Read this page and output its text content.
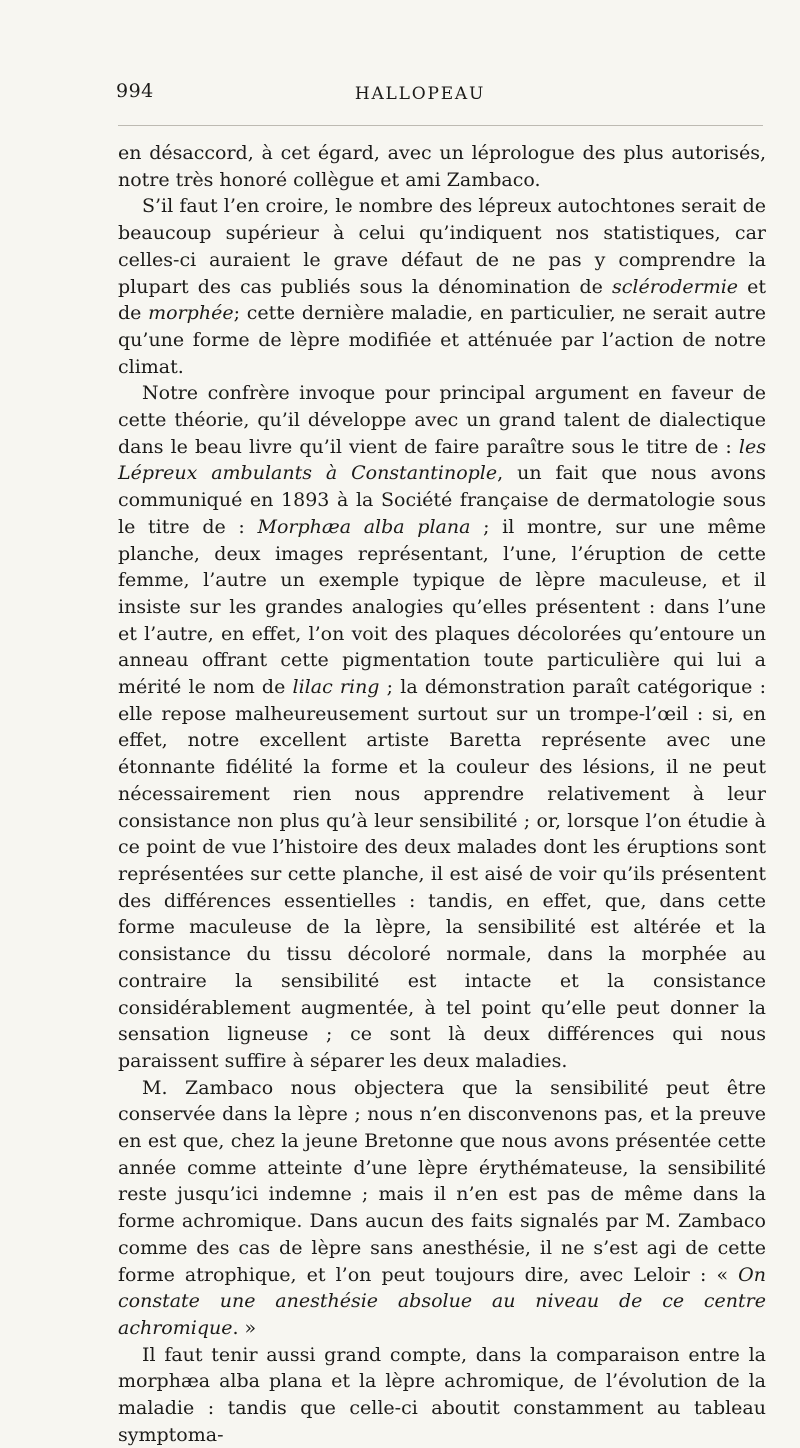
994	HALLOPEAU

en désaccord, à cet égard, avec un léprologue des plus autorisés, notre très honoré collègue et ami Zambaco.

S’il faut l’en croire, le nombre des lépreux autochtones serait de beaucoup supérieur à celui qu’indiquent nos statistiques, car celles-ci auraient le grave défaut de ne pas y comprendre la plupart des cas publiés sous la dénomination de sclérodermie et de morphée; cette dernière maladie, en particulier, ne serait autre qu’une forme de lèpre modifiée et atténuée par l’action de notre climat.

Notre confrère invoque pour principal argument en faveur de cette théorie, qu’il développe avec un grand talent de dialectique dans le beau livre qu’il vient de faire paraître sous le titre de : les Lépreux ambulants à Constantinople, un fait que nous avons communiqué en 1893 à la Société française de dermatologie sous le titre de : Morphæa alba plana ; il montre, sur une même planche, deux images représentant, l’une, l’éruption de cette femme, l’autre un exemple typique de lèpre maculeuse, et il insiste sur les grandes analogies qu’elles présentent : dans l’une et l’autre, en effet, l’on voit des plaques décolorées qu’entoure un anneau offrant cette pigmentation toute particulière qui lui a mérité le nom de lilac ring ; la démonstration paraît catégorique : elle repose malheureusement surtout sur un trompe-l’œil : si, en effet, notre excellent artiste Baretta représente avec une étonnante fidélité la forme et la couleur des lésions, il ne peut nécessairement rien nous apprendre relativement à leur consistance non plus qu’à leur sensibilité ; or, lorsque l’on étudie à ce point de vue l’histoire des deux malades dont les éruptions sont représentées sur cette planche, il est aisé de voir qu’ils présentent des différences essentielles : tandis, en effet, que, dans cette forme maculeuse de la lèpre, la sensibilité est altérée et la consistance du tissu décoloré normale, dans la morphée au contraire la sensibilité est intacte et la consistance considérablement augmentée, à tel point qu’elle peut donner la sensation ligneuse ; ce sont là deux différences qui nous paraissent suffire à séparer les deux maladies.

M. Zambaco nous objectera que la sensibilité peut être conservée dans la lèpre ; nous n’en disconvenons pas, et la preuve en est que, chez la jeune Bretonne que nous avons présentée cette année comme atteinte d’une lèpre érythémateuse, la sensibilité reste jusqu’ici indemne ; mais il n’en est pas de même dans la forme achromique. Dans aucun des faits signalés par M. Zambaco comme des cas de lèpre sans anesthésie, il ne s’est agi de cette forme atrophique, et l’on peut toujours dire, avec Leloir : « On constate une anesthésie absolue au niveau de ce centre achromique. »

Il faut tenir aussi grand compte, dans la comparaison entre la morphæa alba plana et la lèpre achromique, de l’évolution de la maladie : tandis que celle-ci aboutit constamment au tableau symptoma-
